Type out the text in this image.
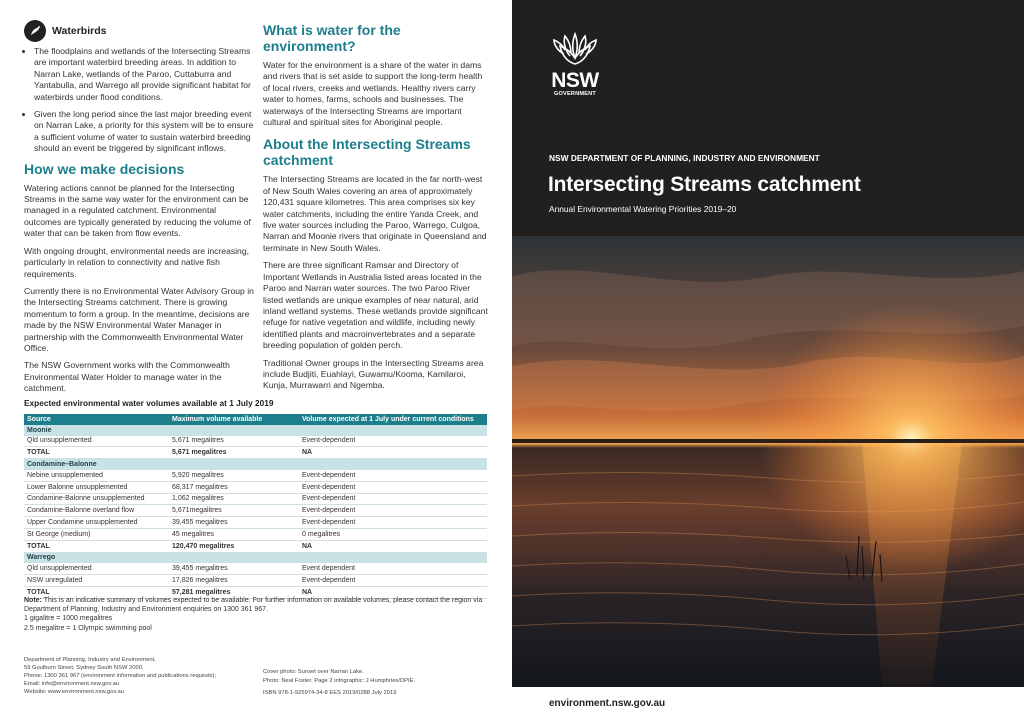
Waterbirds
• The floodplains and wetlands of the Intersecting Streams are important waterbird breeding areas. In addition to Narran Lake, wetlands of the Paroo, Cuttaburra and Yantabulla, and Warrego all provide significant habitat for waterbirds under flood conditions.
• Given the long period since the last major breeding event on Narran Lake, a priority for this system will be to ensure a sufficient volume of water to sustain waterbird breeding should an event be triggered by significant inflows.
How we make decisions

Watering actions cannot be planned for the Intersecting Streams in the same way water for the environment can be managed in a regulated catchment. Environmental outcomes are typically generated by reducing the volume of water that can be taken from flow events.

With ongoing drought, environmental needs are increasing, particularly in relation to connectivity and native fish requirements.

Currently there is no Environmental Water Advisory Group in the Intersecting Streams catchment. There is growing momentum to form a group. In the meantime, decisions are made by the NSW Environmental Water Manager in partnership with the Commonwealth Environmental Water Office.

The NSW Government works with the Commonwealth Environmental Water Holder to manage water in the catchment.

What is water for the environment?

Water for the environment is a share of the water in dams and rivers that is set aside to support the long-term health of local rivers, creeks and wetlands. Healthy rivers carry water to homes, farms, schools and businesses. The waterways of the Intersecting Streams are important cultural and spiritual sites for Aboriginal people.

About the Intersecting Streams catchment

The Intersecting Streams are located in the far north-west of New South Wales covering an area of approximately 120,431 square kilometres. This area comprises six key water catchments, including the entire Yanda Creek, and five water sources including the Paroo, Warrego, Culgoa, Narran and Moonie rivers that originate in Queensland and terminate in New South Wales.

There are three significant Ramsar and Directory of Important Wetlands in Australia listed areas located in the Paroo and Narran water sources. The two Paroo River listed wetlands are unique examples of near natural, arid inland wetland systems. These wetlands provide significant refuge for native vegetation and wildlife, including newly identified plants and macroinvertebrates and a separate breeding population of golden perch.

Traditional Owner groups in the Intersecting Streams area include Budjiti, Euahlayi, Guwamu/Kooma, Kamilaroi, Kunja, Murrawarri and Ngemba.

Expected environmental water volumes available at 1 July 2019
Source	Maximum volume available	Volume expected at 1 July under current conditions
Moonie		
Qld unsupplemented	5,671 megalitres	Event-dependent
TOTAL	5,671 megalitres	NA
Condamine–Balonne		
Nebine unsupplemented	5,920 megalitres	Event-dependent
Lower Balonne unsupplemented	68,317 megalitres	Event-dependent
Condamine-Balonne unsupplemented	1,062 megalitres	Event-dependent
Condamine-Balonne overland flow	5,671megalitres	Event-dependent
Upper Condamine unsupplemented	39,455 megalitres	Event-dependent
St George (medium)	45 megalitres	0 megalitres
TOTAL	120,470 megalitres	NA
Warrego		
Qld unsupplemented	39,455 megalitres	Event dependent
NSW unregulated	17,826 megalitres	Event-dependent
TOTAL	57,281 megalitres	NA
Note: This is an indicative summary of volumes expected to be available. For further information on available volumes, please contact the region via Department of Planning, Industry and Environment enquiries on 1300 361 967.
1 gigalitre = 1000 megalitres
2.5 megalitre = 1 Olympic swimming pool
Department of Planning, Industry and Environment,
59 Goulburn Street, Sydney South NSW 2000.
Phone: 1300 361 967 (environment information and publications requests);
Email: info@environment.nsw.gov.au
Website: www.environment.nsw.gov.au
Cover photo: Sunset over Narran Lake.
Photo: Neal Foster. Page 2 infographic: J Humphries/DPIE.
ISBN 978-1-925974-34-8 EES 2019/0288 July 2019
NSW
GOVERNMENT
NSW DEPARTMENT OF PLANNING, INDUSTRY AND ENVIRONMENT
Intersecting Streams catchment
Annual Environmental Watering Priorities 2019–20
environment.nsw.gov.au
